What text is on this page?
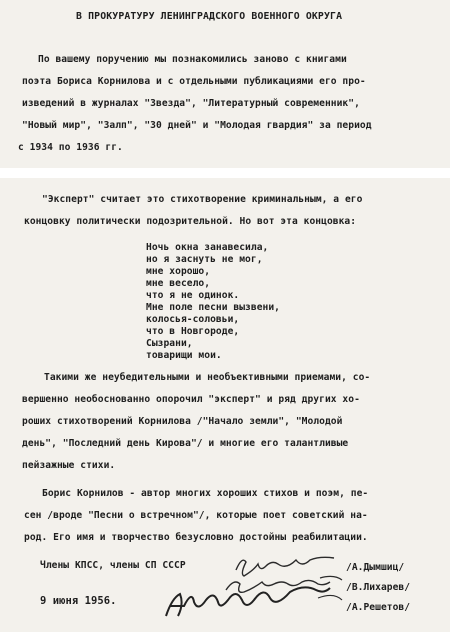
В ПРОКУРАТУРУ ЛЕНИНГРАДСКОГО ВОЕННОГО ОКРУГА
По вашему поручению мы познакомились заново с книгами
поэта Бориса Корнилова и с отдельными публикациями его про-
изведений в журналах "Звезда", "Литературный современник",
"Новый мир", "Залп", "30 дней" и "Молодая гвардия" за период
с 1934 по 1936 гг.
"Эксперт" считает это стихотворение криминальным, а его
концовку политически подозрительной. Но вот эта концовка:
Ночь окна занавесила,
но я заснуть не мог,
мне хорошо,
мне весело,
что я не одинок.
Мне поле песни вызвени,
колосья-соловьи,
что в Новгороде,
Сызрани,
товарищи мои.
Такими же неубедительными и необъективными приемами, со-
вершенно необоснованно опорочил "эксперт" и ряд других хо-
роших стихотворений Корнилова /"Начало земли", "Молодой
день", "Последний день Кирова"/ и многие его талантливые
пейзажные стихи.
Борис Корнилов - автор многих хороших стихов и поэм, пе-
сен /вроде "Песни о встречном"/, которые поет советский на-
род. Его имя и творчество безусловно достойны реабилитации.
Члены КПСС, члены СП СССР
9 июня 1956.
/А.Дымшиц/
/В.Лихарев/
/А.Решетов/
